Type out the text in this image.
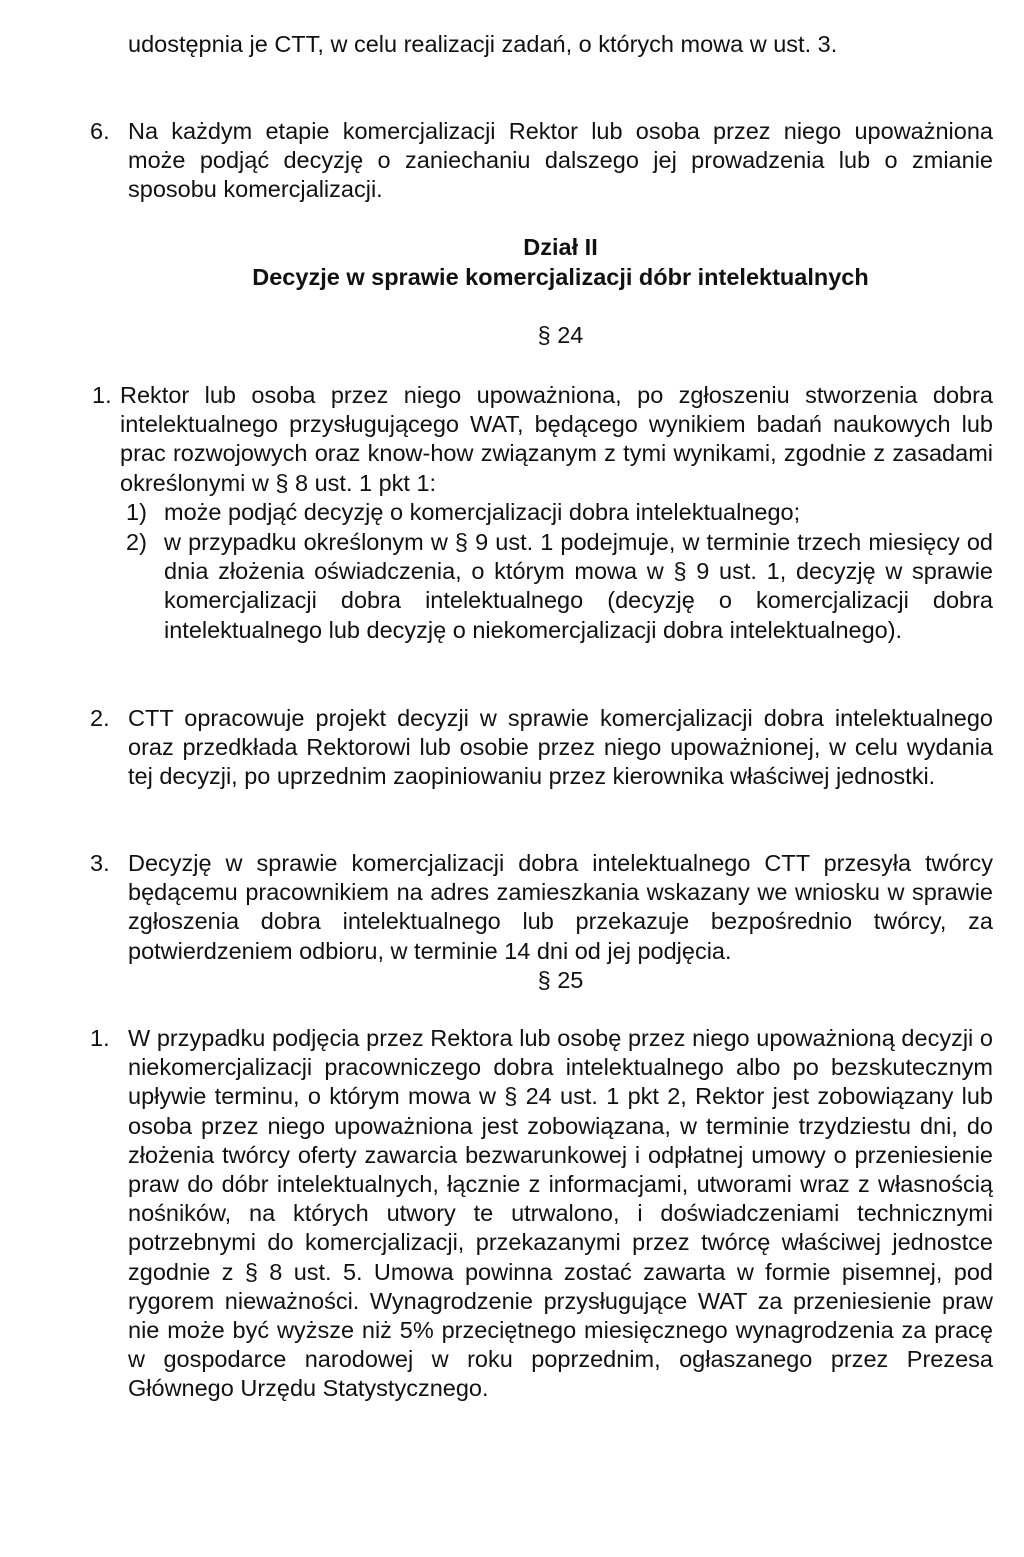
udostępnia je CTT, w celu realizacji zadań, o których mowa w ust. 3.
6. Na każdym etapie komercjalizacji Rektor lub osoba przez niego upoważniona może podjąć decyzję o zaniechaniu dalszego jej prowadzenia lub o zmianie sposobu komercjalizacji.
Dział II
Decyzje w sprawie komercjalizacji dóbr intelektualnych
§ 24
1. Rektor lub osoba przez niego upoważniona, po zgłoszeniu stworzenia dobra intelektualnego przysługującego WAT, będącego wynikiem badań naukowych lub prac rozwojowych oraz know-how związanym z tymi wynikami, zgodnie z zasadami określonymi w § 8 ust. 1 pkt 1:
1) może podjąć decyzję o komercjalizacji dobra intelektualnego;
2) w przypadku określonym w § 9 ust. 1 podejmuje, w terminie trzech miesięcy od dnia złożenia oświadczenia, o którym mowa w § 9 ust. 1, decyzję w sprawie komercjalizacji dobra intelektualnego (decyzję o komercjalizacji dobra intelektualnego lub decyzję o niekomercjalizacji dobra intelektualnego).
2. CTT opracowuje projekt decyzji w sprawie komercjalizacji dobra intelektualnego oraz przedkłada Rektorowi lub osobie przez niego upoważnionej, w celu wydania tej decyzji, po uprzednim zaopiniowaniu przez kierownika właściwej jednostki.
3. Decyzję w sprawie komercjalizacji dobra intelektualnego CTT przesyła twórcy będącemu pracownikiem na adres zamieszkania wskazany we wniosku w sprawie zgłoszenia dobra intelektualnego lub przekazuje bezpośrednio twórcy, za potwierdzeniem odbioru, w terminie 14 dni od jej podjęcia.
§ 25
1. W przypadku podjęcia przez Rektora lub osobę przez niego upoważnioną decyzji o niekomercjalizacji pracowniczego dobra intelektualnego albo po bezskutecznym upływie terminu, o którym mowa w § 24 ust. 1 pkt 2, Rektor jest zobowiązany lub osoba przez niego upoważniona jest zobowiązana, w terminie trzydziestu dni, do złożenia twórcy oferty zawarcia bezwarunkowej i odpłatnej umowy o przeniesienie praw do dóbr intelektualnych, łącznie z informacjami, utworami wraz z własnością nośników, na których utwory te utrwalono, i doświadczeniami technicznymi potrzebnymi do komercjalizacji, przekazanymi przez twórcę właściwej jednostce zgodnie z § 8 ust. 5. Umowa powinna zostać zawarta w formie pisemnej, pod rygorem nieważności. Wynagrodzenie przysługujące WAT za przeniesienie praw nie może być wyższe niż 5% przeciętnego miesięcznego wynagrodzenia za pracę w gospodarce narodowej w roku poprzednim, ogłaszanego przez Prezesa Głównego Urzędu Statystycznego.
